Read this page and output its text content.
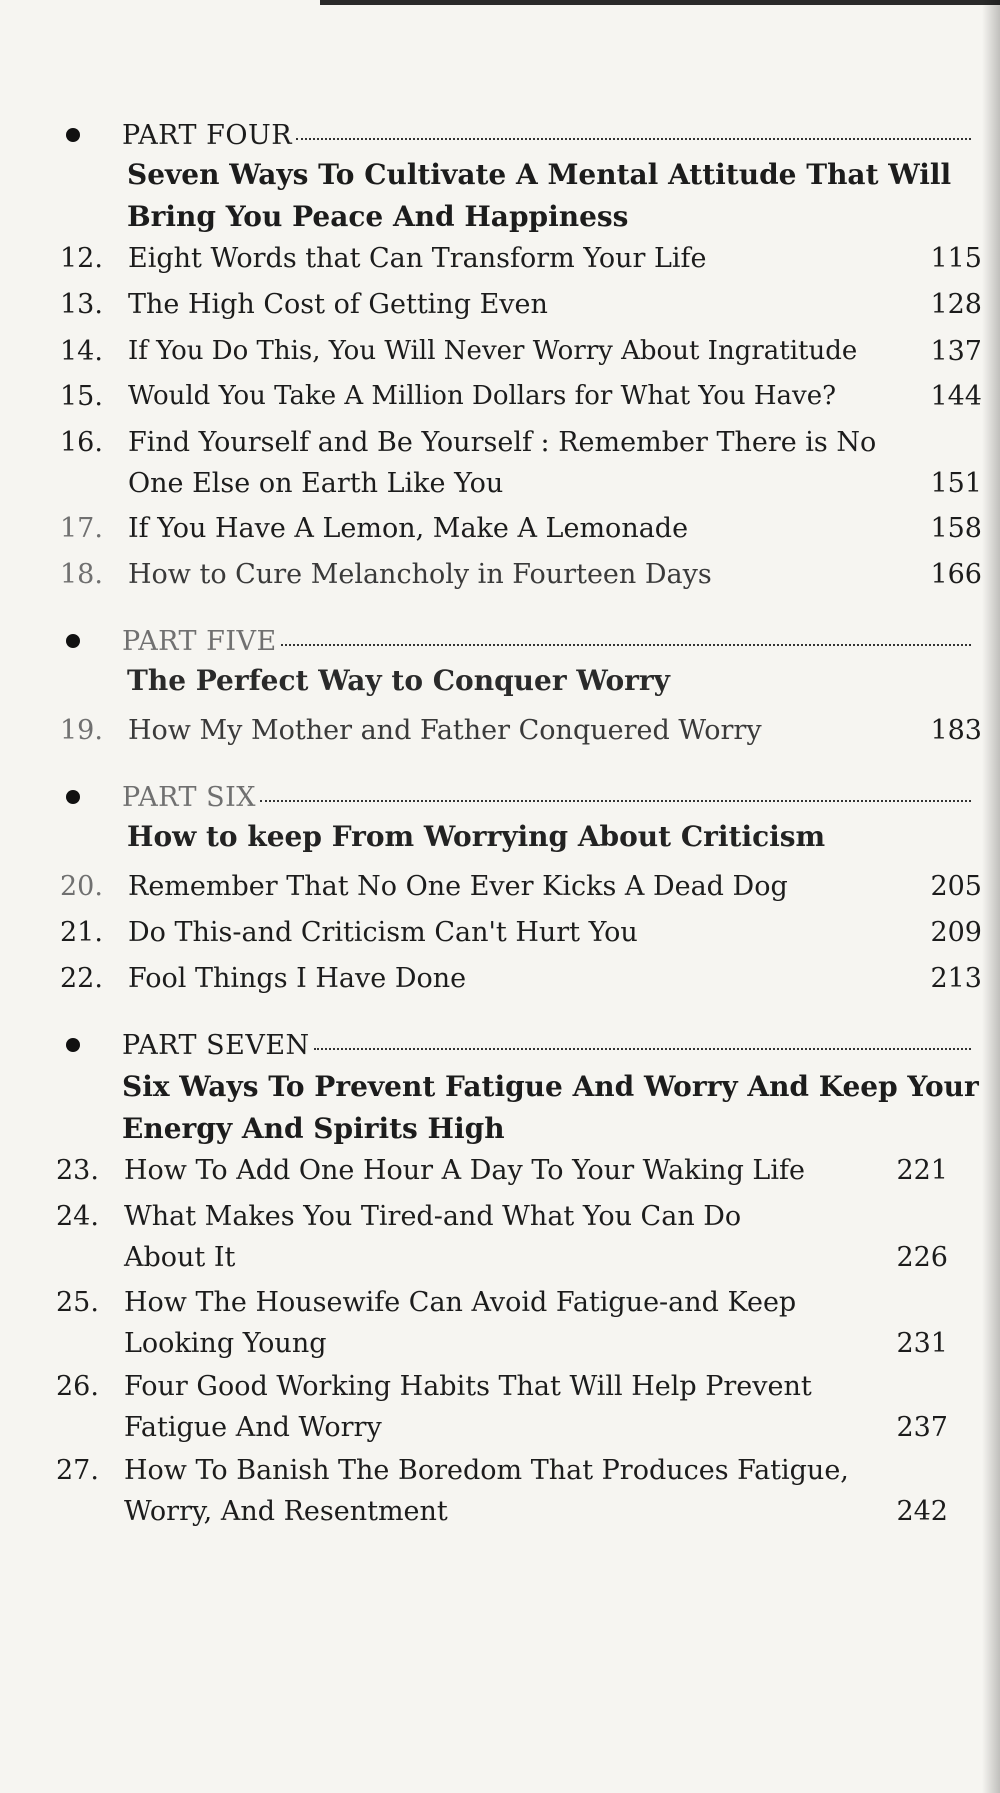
PART FOUR
Seven Ways To Cultivate A Mental Attitude That Will Bring You Peace And Happiness
12. Eight Words that Can Transform Your Life	115
13. The High Cost of Getting Even	128
14. If You Do This, You Will Never Worry About Ingratitude	137
15. Would You Take A Million Dollars for What You Have?	144
16. Find Yourself and Be Yourself : Remember There is No One Else on Earth Like You	151
17. If You Have A Lemon, Make A Lemonade	158
18. How to Cure Melancholy in Fourteen Days	166
PART FIVE
The Perfect Way to Conquer Worry
19. How My Mother and Father Conquered Worry	183
PART SIX
How to keep From Worrying About Criticism
20. Remember That No One Ever Kicks A Dead Dog	205
21. Do This-and Criticism Can't Hurt You	209
22. Fool Things I Have Done	213
PART SEVEN
Six Ways To Prevent Fatigue And Worry And Keep Your Energy And Spirits High
23. How To Add One Hour A Day To Your Waking Life	221
24. What Makes You Tired-and What You Can Do About It	226
25. How The Housewife Can Avoid Fatigue-and Keep Looking Young	231
26. Four Good Working Habits That Will Help Prevent Fatigue And Worry	237
27. How To Banish The Boredom That Produces Fatigue, Worry, And Resentment	242
